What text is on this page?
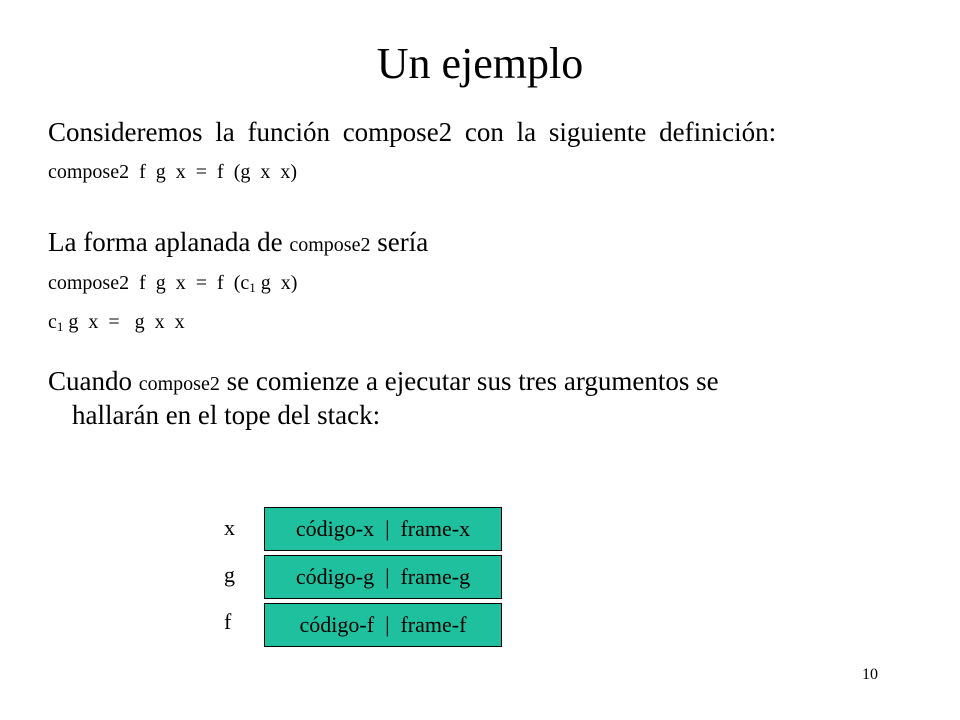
Un ejemplo
Consideremos la función compose2 con la siguiente definición:
compose2  f  g  x  =  f  (g  x  x)
La forma aplanada de compose2 sería
compose2  f  g  x  =  f  ($c_1$ g  x)
$c_1$ g  x  =   g  x  x
Cuando compose2 se comienze a ejecutar sus tres argumentos se
hallarán en el tope del stack:
x
g
f
código-x  |  frame-x
código-g  |  frame-g
código-f  |  frame-f
10
